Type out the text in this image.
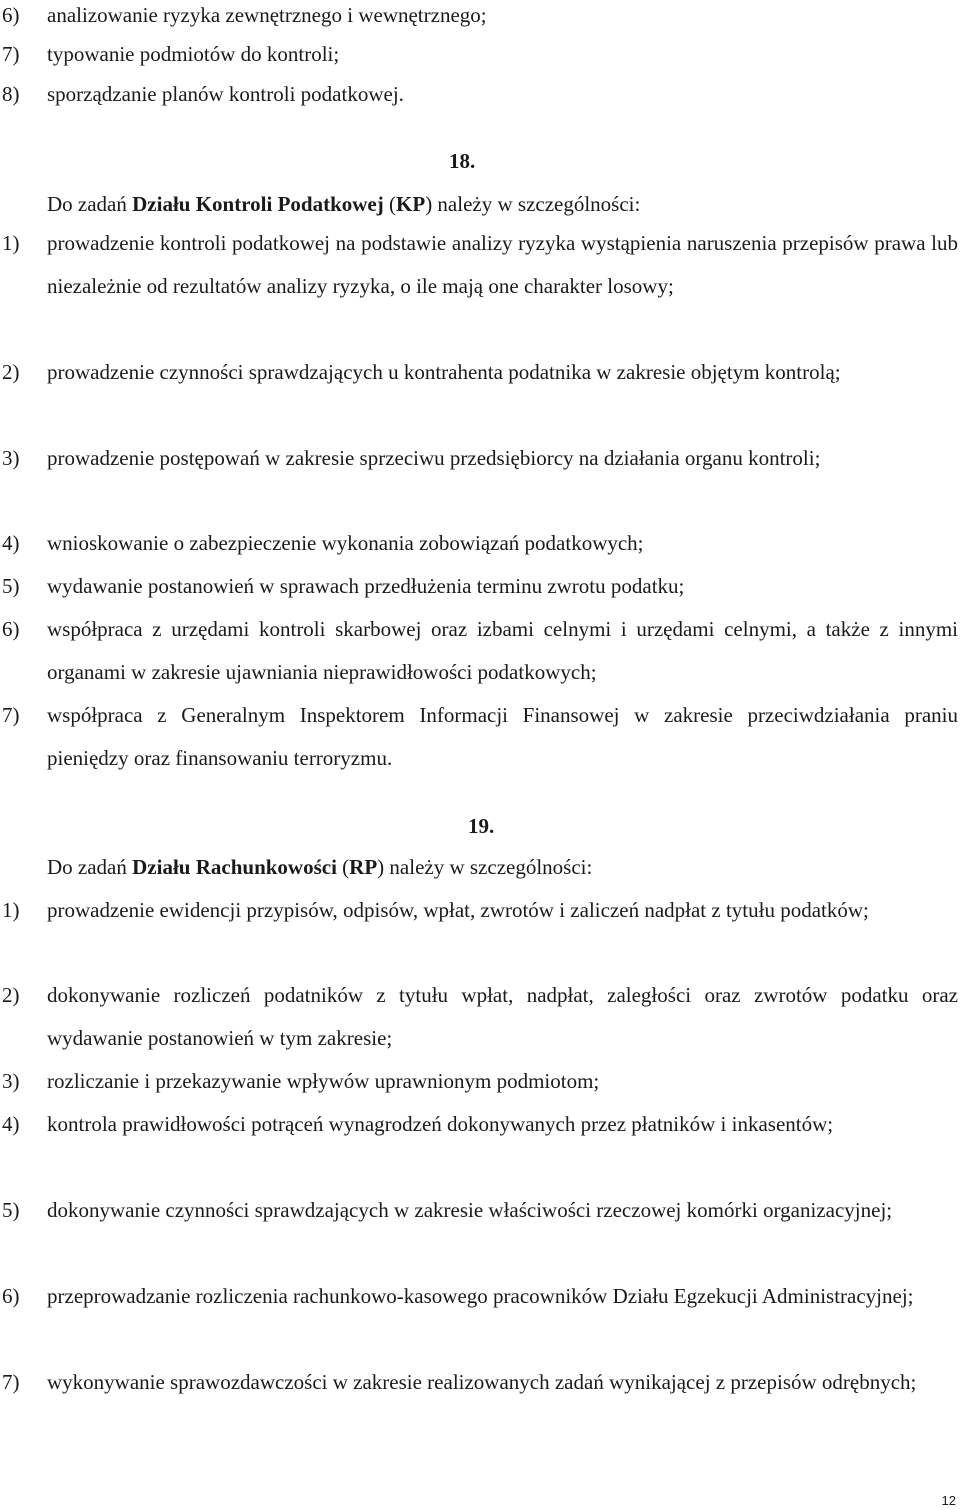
6) analizowanie ryzyka zewnętrznego i wewnętrznego;
7) typowanie podmiotów do kontroli;
8) sporządzanie planów kontroli podatkowej.
18.
Do zadań Działu Kontroli Podatkowej (KP) należy w szczególności:
1) prowadzenie kontroli podatkowej na podstawie analizy ryzyka wystąpienia naruszenia przepisów prawa lub niezależnie od rezultatów analizy ryzyka, o ile mają one charakter losowy;
2) prowadzenie czynności sprawdzających u kontrahenta podatnika w zakresie objętym kontrolą;
3) prowadzenie postępowań w zakresie sprzeciwu przedsiębiorcy na działania organu kontroli;
4) wnioskowanie o zabezpieczenie wykonania zobowiązań podatkowych;
5) wydawanie postanowień w sprawach przedłużenia terminu zwrotu podatku;
6) współpraca z urzędami kontroli skarbowej oraz izbami celnymi i urzędami celnymi, a także z innymi organami w zakresie ujawniania nieprawidłowości podatkowych;
7) współpraca z Generalnym Inspektorem Informacji Finansowej w zakresie przeciwdziałania praniu pieniędzy oraz finansowaniu terroryzmu.
19.
Do zadań Działu Rachunkowości (RP) należy w szczególności:
1) prowadzenie ewidencji przypisów, odpisów, wpłat, zwrotów i zaliczeń nadpłat z tytułu podatków;
2) dokonywanie rozliczeń podatników z tytułu wpłat, nadpłat, zaległości oraz zwrotów podatku oraz wydawanie postanowień w tym zakresie;
3) rozliczanie i przekazywanie wpływów uprawnionym podmiotom;
4) kontrola prawidłowości potrąceń wynagrodzeń dokonywanych przez płatników i inkasentów;
5) dokonywanie czynności sprawdzających w zakresie właściwości rzeczowej komórki organizacyjnej;
6) przeprowadzanie rozliczenia rachunkowo-kasowego pracowników Działu Egzekucji Administracyjnej;
7) wykonywanie sprawozdawczości w zakresie realizowanych zadań wynikającej z przepisów odrębnych;
12
